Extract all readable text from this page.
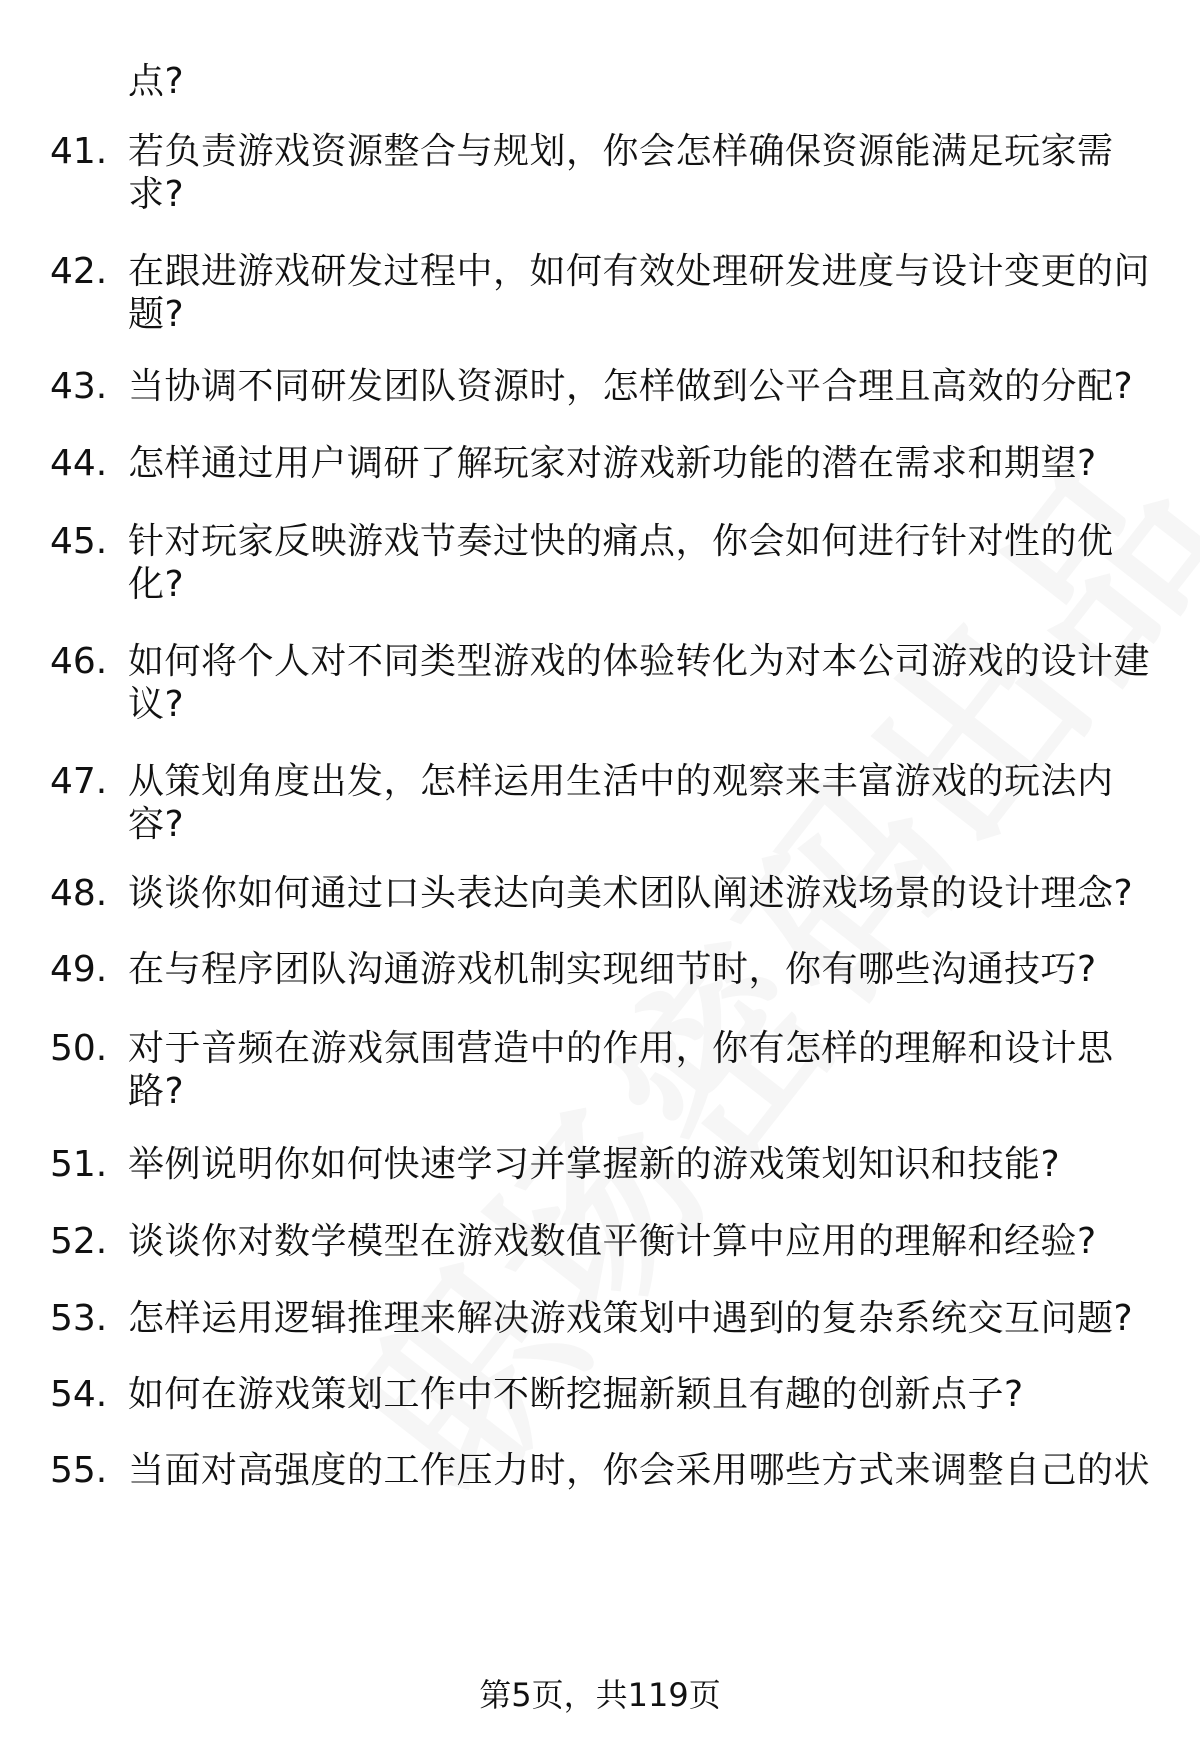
点?
41. 若负责游戏资源整合与规划，你会怎样确保资源能满足玩家需
求?
42. 在跟进游戏研发过程中，如何有效处理研发进度与设计变更的问
题?
43. 当协调不同研发团队资源时，怎样做到公平合理且高效的分配?
44. 怎样通过用户调研了解玩家对游戏新功能的潜在需求和期望?
45. 针对玩家反映游戏节奏过快的痛点，你会如何进行针对性的优
化?
46. 如何将个人对不同类型游戏的体验转化为对本公司游戏的设计建
议?
47. 从策划角度出发，怎样运用生活中的观察来丰富游戏的玩法内
容?
48. 谈谈你如何通过口头表达向美术团队阐述游戏场景的设计理念?
49. 在与程序团队沟通游戏机制实现细节时，你有哪些沟通技巧?
50. 对于音频在游戏氛围营造中的作用，你有怎样的理解和设计思
路?
51. 举例说明你如何快速学习并掌握新的游戏策划知识和技能?
52. 谈谈你对数学模型在游戏数值平衡计算中应用的理解和经验?
53. 怎样运用逻辑推理来解决游戏策划中遇到的复杂系统交互问题?
54. 如何在游戏策划工作中不断挖掘新颖且有趣的创新点子?
55. 当面对高强度的工作压力时，你会采用哪些方式来调整自己的状
第5页，共119页
